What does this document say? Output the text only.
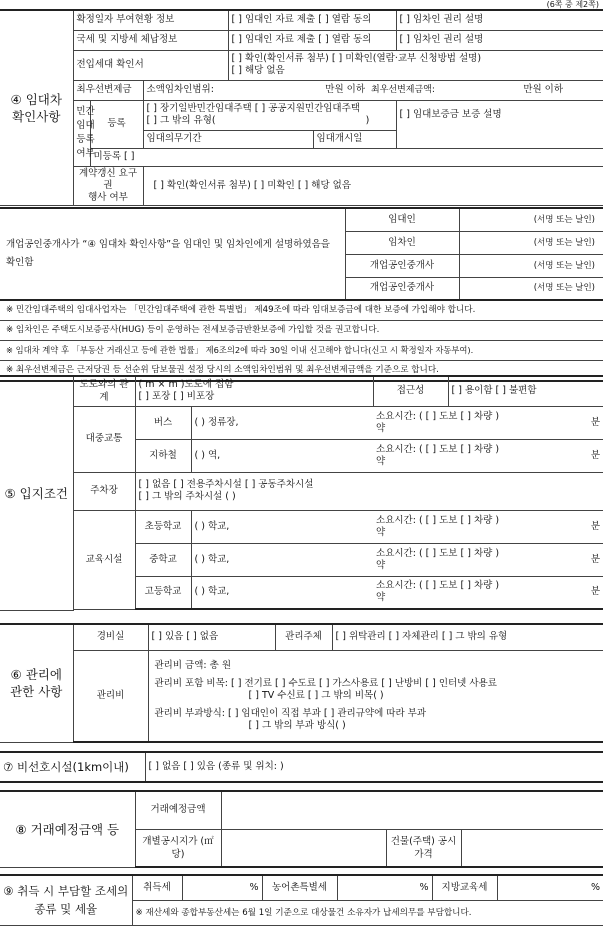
(6쪽 중 제2쪽)
④ 임대차 확인사항	확정일자 부여현황 정보			[ ] 임대인 자료 제출 [ ] 열람 동의			[ ] 임차인 권리 설명	
	국세 및 지방세 체납정보			[ ] 임대인 자료 제출 [ ] 열람 동의			[ ] 임차인 권리 설명	
	전입세대 확인서			[ ] 확인(확인서류 첨부) [ ] 미확인(열람·교부 신청방법 설명)
[ ] 해당 없음				

	최우선변제금		소액임차인범위:		만원 이하	최우선변제금액:		만원 이하

	민간 임대 등록 여부	등록	[ ] 장기일반민간임대주택 [ ] 공공지원민간임대주택
[ ] 그 밖의 유형( )				[ ] 임대보증금 보증 설명	
			임대의무기간		임대개시일			
		미등록 [ ]						

	계약갱신 요구권
행사 여부		[ ] 확인(확인서류 첨부) [ ] 미확인 [ ] 해당 없음					

개업공인중개사가 “④ 임대차 확인사항”을 임대인 및 임차인에게 설명하였음을 확인함	임대인	(서명 또는 날인)
	임차인	(서명 또는 날인)
	개업공인중개사	(서명 또는 날인)
	개업공인중개사	(서명 또는 날인)
※ 민간임대주택의 임대사업자는 「민간임대주택에 관한 특별법」 제49조에 따라 임대보증금에 대한 보증에 가입해야 합니다.		
※ 임차인은 주택도시보증공사(HUG) 등이 운영하는 전세보증금반환보증에 가입할 것을 권고합니다.		
※ 임대차 계약 후 「부동산 거래신고 등에 관한 법률」 제6조의2에 따라 30일 이내 신고해야 합니다(신고 시 확정일자 자동부여).		
※ 최우선변제금은 근저당권 등 선순위 담보물권 설정 당시의 소액임차인범위 및 최우선변제금액을 기준으로 합니다.		
⑤ 입지조건	도로와의 관계	( m × m )도로에 접함
[ ] 포장 [ ] 비포장		접근성	[ ] 용이함 [ ] 불편함	
	대중교통	버스	( ) 정류장,	소요시간: ( [ ] 도보 [ ] 차량 ) 약		분
		지하철	( ) 역,	소요시간: ( [ ] 도보 [ ] 차량 ) 약		분
	주차장	[ ] 없음 [ ] 전용주차시설 [ ] 공동주차시설
[ ] 그 밖의 주차시설 ( )				

	교육시설	초등학교	( ) 학교,	소요시간: ( [ ] 도보 [ ] 차량 ) 약		분
		중학교	( ) 학교,	소요시간: ( [ ] 도보 [ ] 차량 ) 약		분
		고등학교	( ) 학교,	소요시간: ( [ ] 도보 [ ] 차량 ) 약		분

⑥ 관리에 관한 사항	경비실	[ ] 있음 [ ] 없음	관리주체	[ ] 위탁관리 [ ] 자체관리 [ ] 그 밖의 유형
	관리비	관리비 금액: 총 원
관리비 포함 비목: [ ] 전기료 [ ] 수도료 [ ] 가스사용료 [ ] 난방비 [ ] 인터넷 사용료
[ ] TV 수신료 [ ] 그 밖의 비목( )
관리비 부과방식: [ ] 임대인이 직접 부과 [ ] 관리규약에 따라 부과
[ ] 그 밖의 부과 방식( )		
⑦ 비선호시설(1km이내)	[ ] 없음 [ ] 있음 (종류 및 위치: )
⑧ 거래예정금액 등	거래예정금액			
	개별공시지가 (㎡당)		건물(주택) 공시가격	
⑨ 취득 시 부담할 조세의 종류 및 세율	취득세	%	농어촌특별세	%	지방교육세	%
※ 재산세와 종합부동산세는 6월 1일 기준으로 대상물건 소유자가 납세의무를 부담합니다.
